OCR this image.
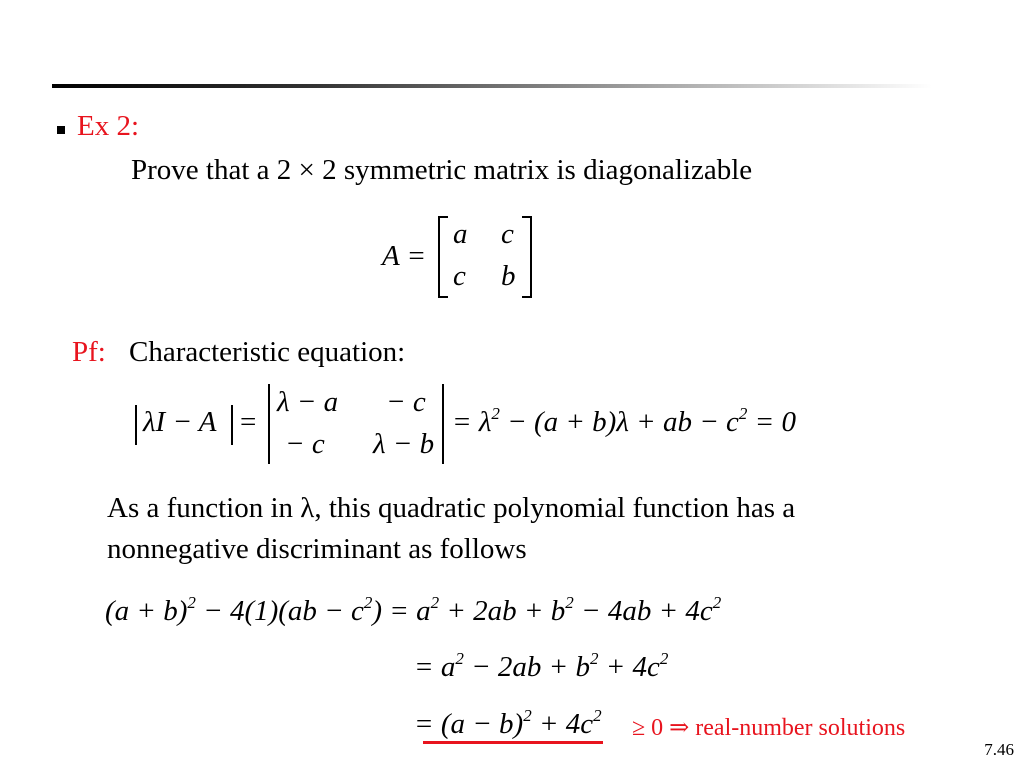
Ex 2:
Prove that a 2 × 2 symmetric matrix is diagonalizable
A =
a c
c b
Pf: Characteristic equation:
λI − A =
λ − a − c
− c λ − b
= $\lambda^2 - (a + b)\lambda$ + ab − $c^2 = 0$
As a function in λ, this quadratic polynomial function has a
nonnegative discriminant as follows
$(a + b)^2 - 4(1)(ab - c^2) = a^2 + 2ab + b^2 - 4ab + 4c^2$
= $a^2 - 2ab + b^2 + 4c^2$
= $(a - b)^2 + 4c^2 \ge 0$ ⇒ real-number solutions
7.46
